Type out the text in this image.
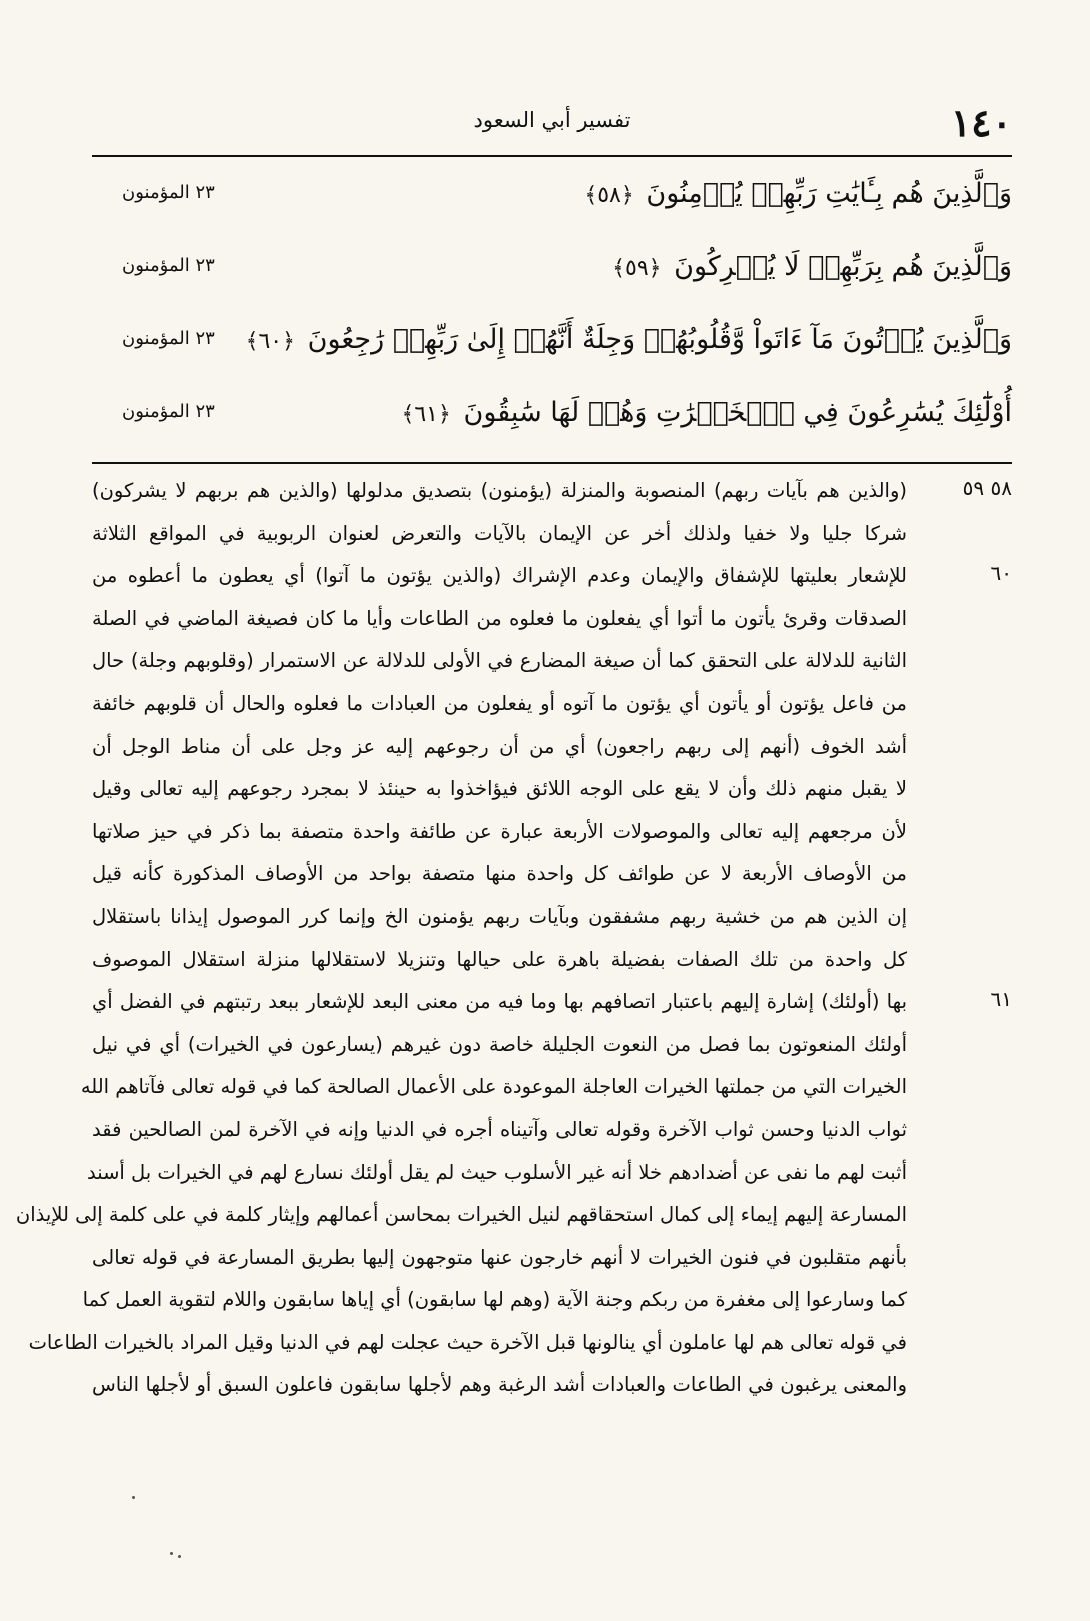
١٤٠
تفسير أبي السعود
وَٱلَّذِينَ هُم بِـَٔايَٰتِ رَبِّهِمۡ يُؤۡمِنُونَ ﴿٥٨﴾
٢٣ المؤمنون
وَٱلَّذِينَ هُم بِرَبِّهِمۡ لَا يُشۡرِكُونَ ﴿٥٩﴾
٢٣ المؤمنون
وَٱلَّذِينَ يُؤۡتُونَ مَآ ءَاتَواْ وَّقُلُوبُهُمۡ وَجِلَةٌ أَنَّهُمۡ إِلَىٰ رَبِّهِمۡ رَٰجِعُونَ ﴿٦٠﴾
٢٣ المؤمنون
أُوْلَٰٓئِكَ يُسَٰرِعُونَ فِي ٱلۡخَيۡرَٰتِ وَهُمۡ لَهَا سَٰبِقُونَ ﴿٦١﴾
٢٣ المؤمنون
٥٨ ٥٩
(والذين هم بآيات ربهم) المنصوبة والمنزلة (يؤمنون) بتصديق مدلولها (والذين هم بربهم لا يشركون)
شركا جليا ولا خفيا ولذلك أخر عن الإيمان بالآيات والتعرض لعنوان الربوبية في المواقع الثلاثة
٦٠
للإشعار بعليتها للإشفاق والإيمان وعدم الإشراك (والذين يؤتون ما آتوا) أي يعطون ما أعطوه من
الصدقات وقرئ يأتون ما أتوا أي يفعلون ما فعلوه من الطاعات وأيا ما كان فصيغة الماضي في الصلة
الثانية للدلالة على التحقق كما أن صيغة المضارع في الأولى للدلالة عن الاستمرار (وقلوبهم وجلة) حال
من فاعل يؤتون أو يأتون أي يؤتون ما آتوه أو يفعلون من العبادات ما فعلوه والحال أن قلوبهم خائفة
أشد الخوف (أنهم إلى ربهم راجعون) أي من أن رجوعهم إليه عز وجل على أن مناط الوجل أن
لا يقبل منهم ذلك وأن لا يقع على الوجه اللائق فيؤاخذوا به حينئذ لا بمجرد رجوعهم إليه تعالى وقيل
لأن مرجعهم إليه تعالى والموصولات الأربعة عبارة عن طائفة واحدة متصفة بما ذكر في حيز صلاتها
من الأوصاف الأربعة لا عن طوائف كل واحدة منها متصفة بواحد من الأوصاف المذكورة كأنه قيل
إن الذين هم من خشية ربهم مشفقون وبآيات ربهم يؤمنون الخ وإنما كرر الموصول إيذانا باستقلال
كل واحدة من تلك الصفات بفضيلة باهرة على حيالها وتنزيلا لاستقلالها منزلة استقلال الموصوف
٦١
بها (أولئك) إشارة إليهم باعتبار اتصافهم بها وما فيه من معنى البعد للإشعار ببعد رتبتهم في الفضل أي
أولئك المنعوتون بما فصل من النعوت الجليلة خاصة دون غيرهم (يسارعون في الخيرات) أي في نيل
الخيرات التي من جملتها الخيرات العاجلة الموعودة على الأعمال الصالحة كما في قوله تعالى فآتاهم الله
ثواب الدنيا وحسن ثواب الآخرة وقوله تعالى وآتيناه أجره في الدنيا وإنه في الآخرة لمن الصالحين فقد
أثبت لهم ما نفى عن أضدادهم خلا أنه غير الأسلوب حيث لم يقل أولئك نسارع لهم في الخيرات بل أسند
المسارعة إليهم إيماء إلى كمال استحقاقهم لنيل الخيرات بمحاسن أعمالهم وإيثار كلمة في على كلمة إلى للإيذان
بأنهم متقلبون في فنون الخيرات لا أنهم خارجون عنها متوجهون إليها بطريق المسارعة في قوله تعالى
كما وسارعوا إلى مغفرة من ربكم وجنة الآية (وهم لها سابقون) أي إياها سابقون واللام لتقوية العمل كما
في قوله تعالى هم لها عاملون أي ينالونها قبل الآخرة حيث عجلت لهم في الدنيا وقيل المراد بالخيرات الطاعات
والمعنى يرغبون في الطاعات والعبادات أشد الرغبة وهم لأجلها سابقون فاعلون السبق أو لأجلها الناس
